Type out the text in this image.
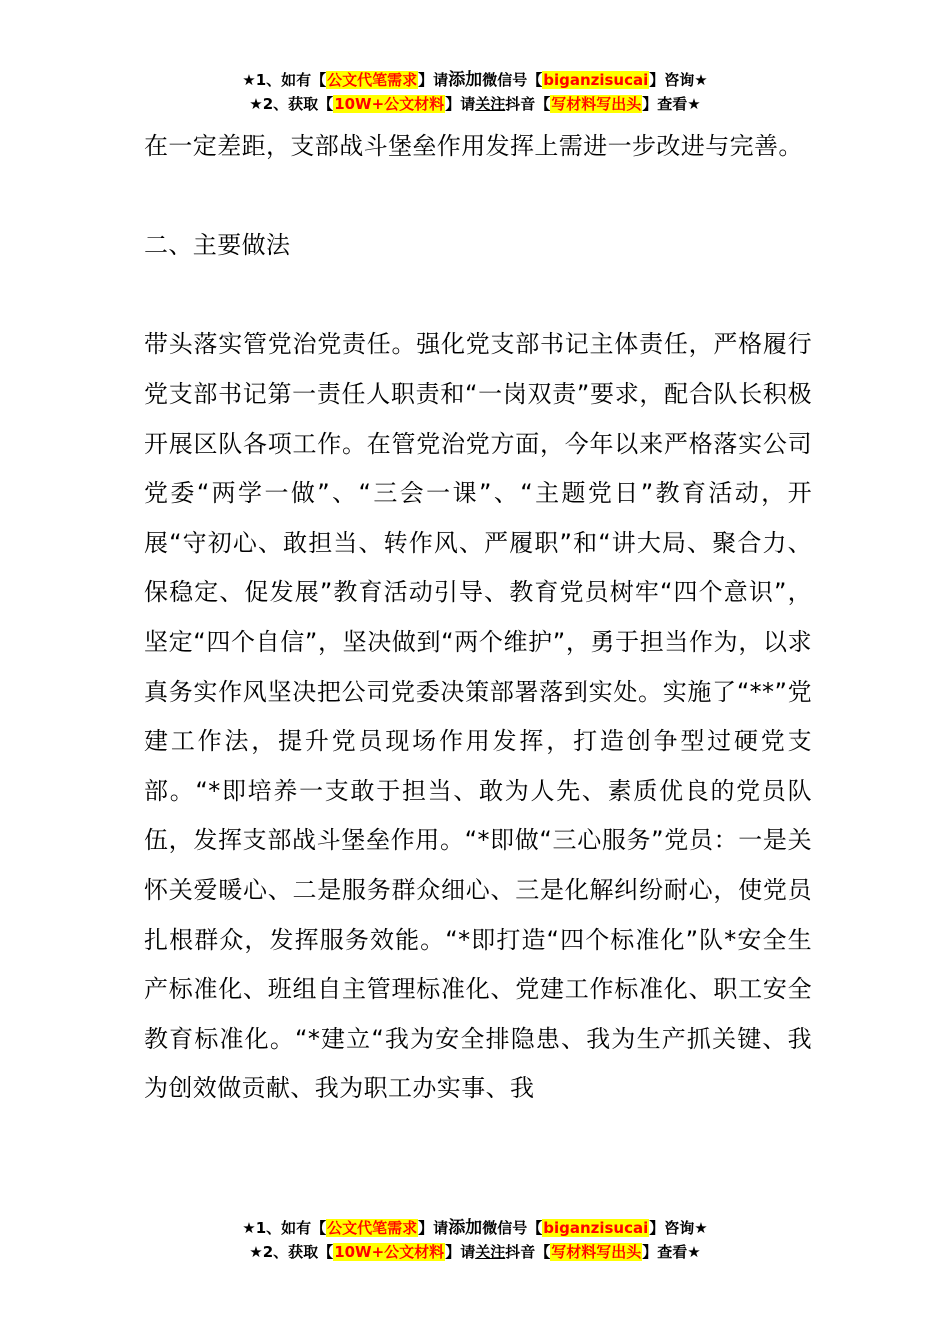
★1、如有【公文代笔需求】请添加微信号【biganzisucai】咨询★
★2、获取【10W+公文材料】请关注抖音【写材料写出头】查看★

在一定差距，支部战斗堡垒作用发挥上需进一步改进与完善。

二、主要做法

带头落实管党治党责任。强化党支部书记主体责任，严格履行党支部书记第一责任人职责和“一岗双责”要求，配合队长积极开展区队各项工作。在管党治党方面，今年以来严格落实公司党委“两学一做”、“三会一课”、“主题党日”教育活动，开展“守初心、敢担当、转作风、严履职”和“讲大局、聚合力、保稳定、促发展”教育活动引导、教育党员树牢“四个意识”，坚定“四个自信”，坚决做到“两个维护”，勇于担当作为，以求真务实作风坚决把公司党委决策部署落到实处。实施了“**”党建工作法，提升党员现场作用发挥，打造创争型过硬党支部。“*即培养一支敢于担当、敢为人先、素质优良的党员队伍，发挥支部战斗堡垒作用。“*即做“三心服务”党员：一是关怀关爱暖心、二是服务群众细心、三是化解纠纷耐心，使党员扎根群众，发挥服务效能。“*即打造“四个标准化”队*安全生产标准化、班组自主管理标准化、党建工作标准化、职工安全教育标准化。“*建立“我为安全排隐患、我为生产抓关键、我为创效做贡献、我为职工办实事、我

★1、如有【公文代笔需求】请添加微信号【biganzisucai】咨询★
★2、获取【10W+公文材料】请关注抖音【写材料写出头】查看★
